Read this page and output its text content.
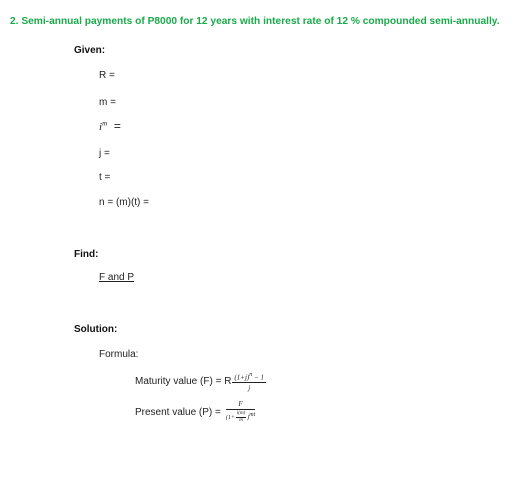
2. Semi-annual payments of P8000 for 12 years with interest rate of 12 % compounded semi-annually.
Given:
R =
m =
$i^m$ =
j =
t =
n = (m)(t) =
Find:
F and P
Solution:
Formula:
Maturity value (F) = R $\frac{(1+j)^n - 1}{j}$
Present value $(P) = \frac{F}{(1+ \frac{i(m)}{m} )^{mt}}$
